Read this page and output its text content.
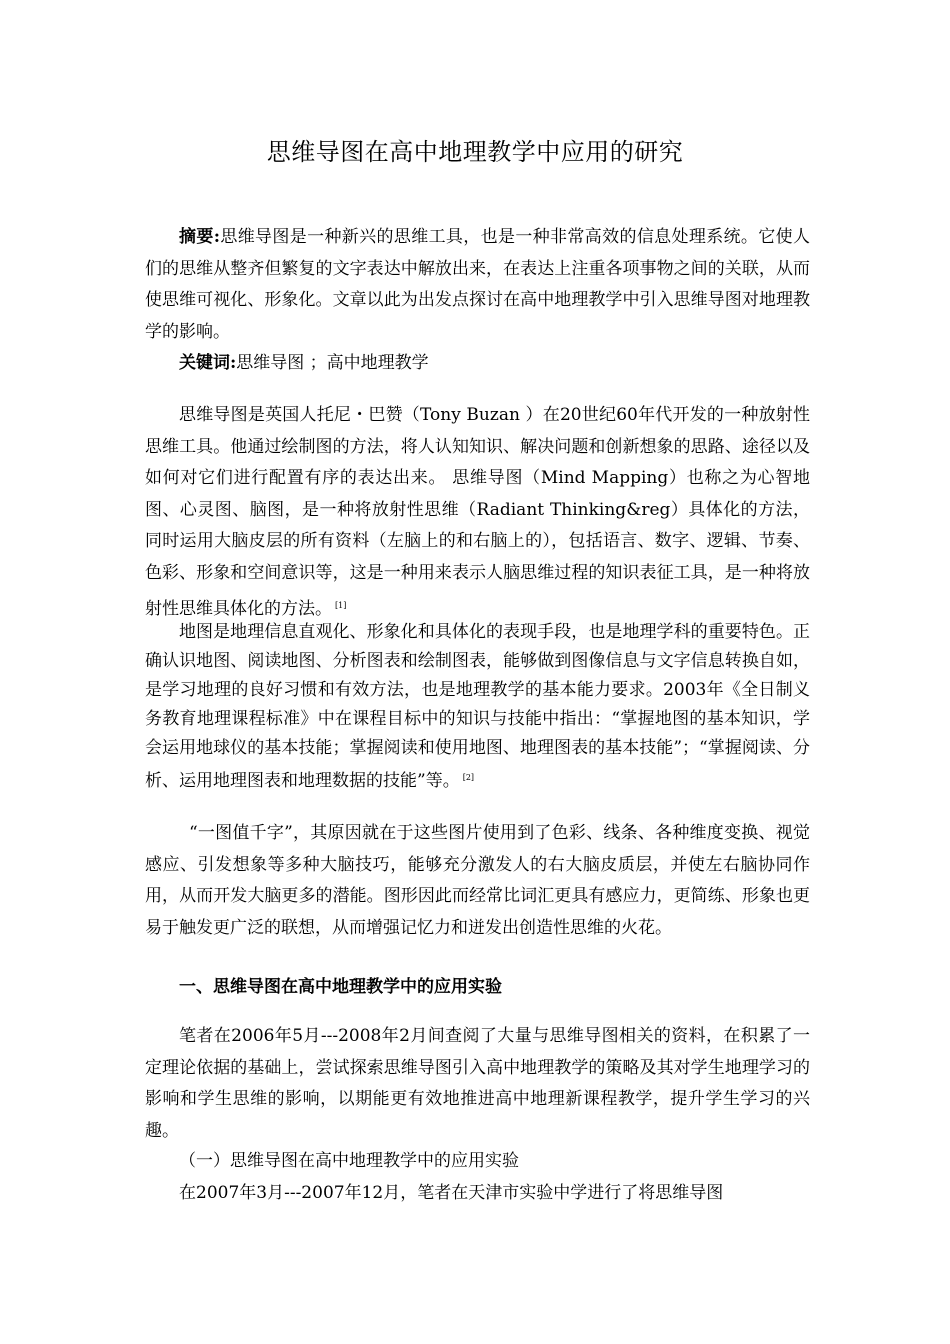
思维导图在高中地理教学中应用的研究

摘要:思维导图是一种新兴的思维工具，也是一种非常高效的信息处理系统。它使人们的思维从整齐但繁复的文字表达中解放出来，在表达上注重各项事物之间的关联，从而使思维可视化、形象化。文章以此为出发点探讨在高中地理教学中引入思维导图对地理教学的影响。

关键词:思维导图 ；高中地理教学

思维导图是英国人托尼・巴赞（Tony Buzan ）在20世纪60年代开发的一种放射性思维工具。他通过绘制图的方法，将人认知知识、解决问题和创新想象的思路、途径以及如何对它们进行配置有序的表达出来。 思维导图（Mind Mapping）也称之为心智地图、心灵图、脑图，是一种将放射性思维（Radiant Thinking&reg）具体化的方法，同时运用大脑皮层的所有资料（左脑上的和右脑上的），包括语言、数字、逻辑、节奏、色彩、形象和空间意识等，这是一种用来表示人脑思维过程的知识表征工具，是一种将放射性思维具体化的方法。 [1]

地图是地理信息直观化、形象化和具体化的表现手段，也是地理学科的重要特色。正确认识地图、阅读地图、分析图表和绘制图表，能够做到图像信息与文字信息转换自如，是学习地理的良好习惯和有效方法，也是地理教学的基本能力要求。2003年《全日制义务教育地理课程标准》中在课程目标中的知识与技能中指出：“掌握地图的基本知识，学会运用地球仪的基本技能；掌握阅读和使用地图、地理图表的基本技能”；“掌握阅读、分析、运用地理图表和地理数据的技能”等。 [2]

“一图值千字”，其原因就在于这些图片使用到了色彩、线条、各种维度变换、视觉感应、引发想象等多种大脑技巧，能够充分激发人的右大脑皮质层，并使左右脑协同作用，从而开发大脑更多的潜能。图形因此而经常比词汇更具有感应力，更简练、形象也更易于触发更广泛的联想，从而增强记忆力和迸发出创造性思维的火花。

一、思维导图在高中地理教学中的应用实验

笔者在2006年5月---2008年2月间查阅了大量与思维导图相关的资料，在积累了一定理论依据的基础上，尝试探索思维导图引入高中地理教学的策略及其对学生地理学习的影响和学生思维的影响，以期能更有效地推进高中地理新课程教学，提升学生学习的兴趣。

（一）思维导图在高中地理教学中的应用实验
在2007年3月---2007年12月，笔者在天津市实验中学进行了将思维导图
